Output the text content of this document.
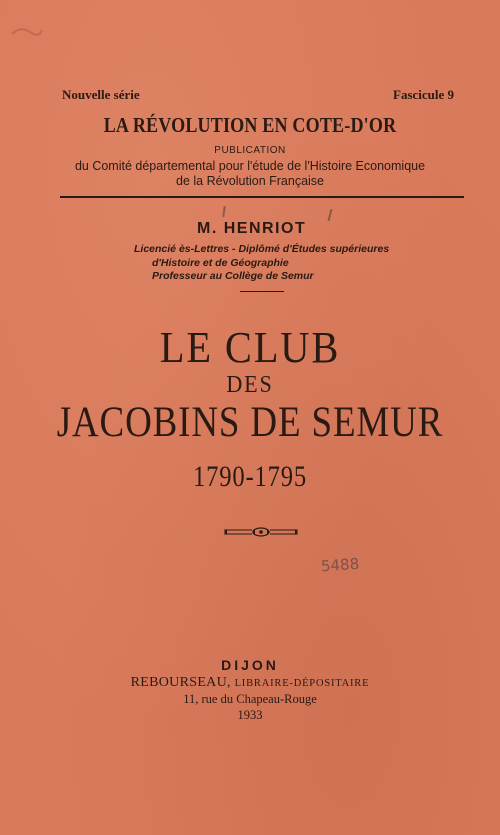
Nouvelle série	Fascicule 9
LA RÉVOLUTION EN COTE-D'OR
PUBLICATION
du Comité départemental pour l'étude de l'Histoire Economique
de la Révolution Française
M. HENRIOT
Licencié ès-Lettres - Diplômé d'Études supérieures
d'Histoire et de Géographie
Professeur au Collège de Semur
LE CLUB
DES
JACOBINS DE SEMUR
1790-1795
5488
DIJON
REBOURSEAU, LIBRAIRE-DÉPOSITAIRE
11, rue du Chapeau-Rouge
1933
